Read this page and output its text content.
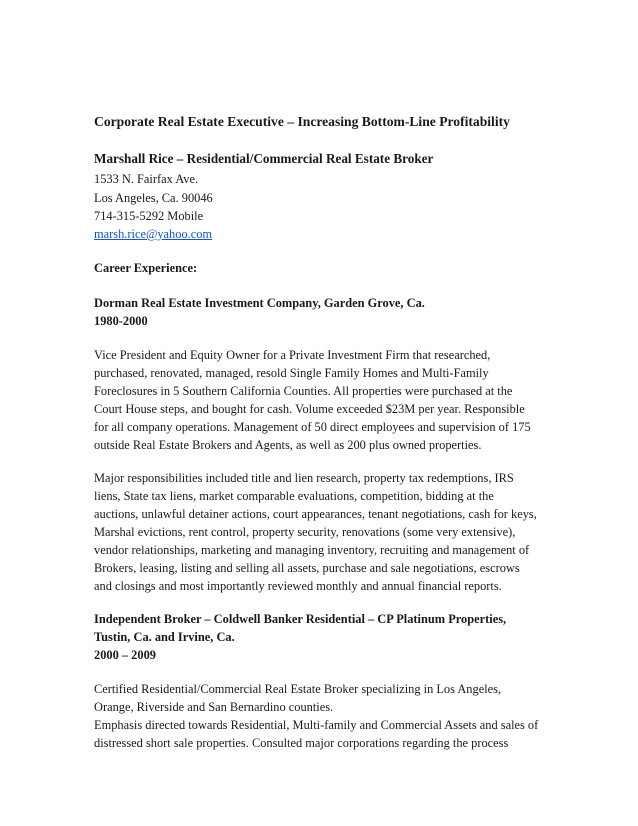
Corporate Real Estate Executive – Increasing Bottom-Line Profitability
Marshall Rice – Residential/Commercial Real Estate Broker
1533 N. Fairfax Ave.
Los Angeles, Ca. 90046
714-315-5292 Mobile
marsh.rice@yahoo.com
Career Experience:
Dorman Real Estate Investment Company, Garden Grove, Ca.
1980-2000
Vice President and Equity Owner for a Private Investment Firm that researched,
purchased, renovated, managed, resold Single Family Homes and Multi-Family
Foreclosures in 5 Southern California Counties. All properties were purchased at the
Court House steps, and bought for cash. Volume exceeded $23M per year. Responsible
for all company operations. Management of 50 direct employees and supervision of 175
outside Real Estate Brokers and Agents, as well as 200 plus owned properties.
Major responsibilities included title and lien research, property tax redemptions, IRS
liens, State tax liens, market comparable evaluations, competition, bidding at the
auctions, unlawful detainer actions, court appearances, tenant negotiations, cash for keys,
Marshal evictions, rent control, property security, renovations (some very extensive),
vendor relationships, marketing and managing inventory, recruiting and management of
Brokers, leasing, listing and selling all assets, purchase and sale negotiations, escrows
and closings and most importantly reviewed monthly and annual financial reports.
Independent Broker – Coldwell Banker Residential – CP Platinum Properties,
Tustin, Ca. and Irvine, Ca.
2000 – 2009
Certified Residential/Commercial Real Estate Broker specializing in Los Angeles,
Orange, Riverside and San Bernardino counties.
Emphasis directed towards Residential, Multi-family and Commercial Assets and sales of
distressed short sale properties. Consulted major corporations regarding the process
